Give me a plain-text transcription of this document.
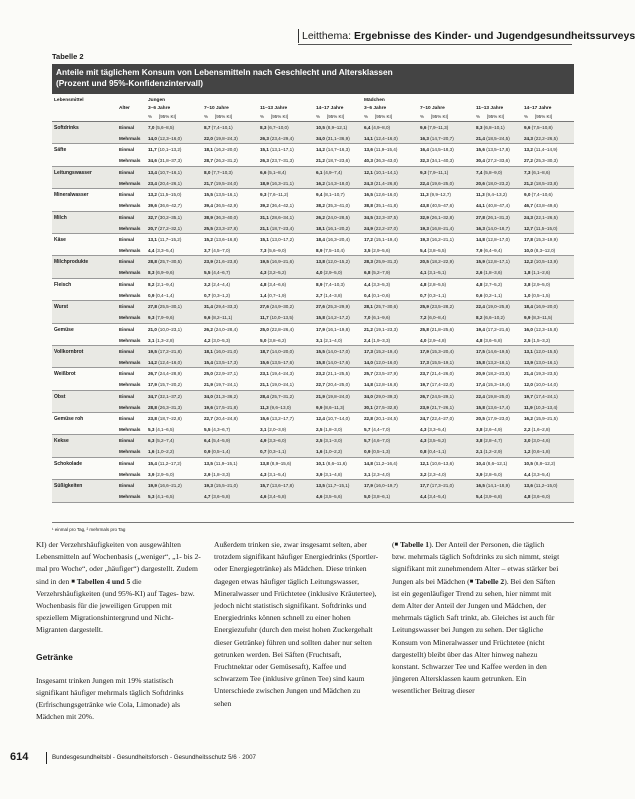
Leitthema: Ergebnisse des Kinder- und Jugendgesundheitssurveys
Tabelle 2
Anteile mit täglichem Konsum von Lebensmitteln nach Geschlecht und Altersklassen
(Prozent und 95%-Konfidenzintervall)
Lebensmittel
Alter
Jungen	Mädchen
3–6 Jahre
% [95% KI]
7–10 Jahre
% [95% KI]
11–13 Jahre
% [95% KI]
14–17 Jahre
% [95% KI]
3–6 Jahre
% [95% KI]
7–10 Jahre
% [95% KI]
11–13 Jahre
% [95% KI]
14–17 Jahre
% [95% KI]
Softdrinks	Einmal	7,0 (5,6–8,5)	8,7 (7,4–10,1)	8,3 (6,7–10,0)	10,5 (8,9–12,1)	6,4 (4,9–8,0)	9,6 (7,9–11,3)	8,3 (6,8–10,1)	9,6 (7,5–10,8)
Mehrmals 14,0 (12,3–16,0)	22,0 (19,8–24,3)	26,3 (23,4–29,4)	34,0 (31,1–36,9)	14,1 (12,4–16,0)	16,3 (14,7–20,7)	21,4 (18,5–24,5)	24,3 (22,2–26,5)
Säfte	Einmal	11,7 (10,1–13,2)	18,1 (16,2–20,0)	15,1 (13,1–17,1)	14,2 (14,7–16,3)	13,6 (11,9–15,4)	16,4 (14,5–18,3)	15,6 (13,5–17,8)	13,2 (11,4–14,9)
Mehrmals 34,6 (31,8–37,3)	28,7 (26,2–31,2)	26,3 (23,7–31,3)	21,2 (18,7–23,6)	40,3 (36,3–43,0)	32,3 (34,1–40,3)	30,4 (27,2–33,6)	27,2 (25,3–30,3)
Leitungswasser	Einmal	13,4 (10,7–16,1)	8,0 (7,7–10,3)	6,6 (5,1–8,4)	6,1 (4,9–7,4)	12,1 (10,1–14,1)	9,3 (7,9–11,1)	7,4 (5,8–9,0)	7,3 (6,1–8,6)
Mehrmals 23,4 (20,4–26,1)	21,7 (19,5–24,0)	18,9 (16,3–21,1)	16,2 (14,3–18,0)	24,3 (21,4–26,8)	22,4 (19,6–25,0)	20,6 (18,0–23,2)	21,2 (18,5–23,8)
Mineralwasser	Einmal	13,2 (11,5–15,0)	15,5 (13,5–16,1)	9,3 (7,6–11,2)	9,4 (8,1–10,7)	16,5 (12,6–16,0)	11,3 (9,9–12,7)	11,3 (9,4–13,2)	9,0 (7,4–10,6)
Mehrmals 39,6 (36,6–42,7)	39,4 (36,5–42,9)	39,2 (36,4–42,1)	38,2 (35,3–41,0)	38,8 (35,1–41,8)	43,8 (40,5–47,6)	44,1 (40,8–47,4)	46,7 (43,8–49,6)
Milch	Einmal	32,7 (30,2–35,1)	38,9 (36,3–40,0)	31,1 (28,6–34,1)	26,2 (24,0–28,5)	34,5 (32,3–37,5)	32,9 (26,1–32,8)	27,8 (26,1–31,3)	24,3 (22,1–26,5)
Mehrmals 20,7 (27,2–32,1)	25,5 (23,3–27,8)	21,1 (18,7–23,4)	18,1 (16,1–20,2)	24,9 (22,2–27,0)	19,3 (16,8–21,4)	16,3 (14,0–18,7)	12,7 (11,5–15,0)
Käse	Einmal	13,1 (11,7–15,2)	15,2 (13,6–16,8)	15,1 (13,0–17,2)	18,4 (16,3–20,4)	17,2 (15,1–19,4)	19,3 (16,2–21,1)	14,8 (12,8–17,0)	17,8 (15,3–19,9)
Mehrmals 4,4 (3,3–5,4)	3,7 (4,5–7,0)	7,3 (5,6–9,0)	8,9 (7,5–10,4)	3,5 (2,9–5,6)	5,4 (3,8–5,5)	7,9 (6,4–9,4)	10,0 (8,3–12,0)
Milchprodukte	Einmal	28,8 (25,7–30,5)	23,9 (21,6–23,8)	19,5 (16,9–21,6)	13,8 (12,0–15,2)	28,3 (25,9–31,3)	20,5 (18,2–22,9)	15,9 (12,8–17,1)	12,2 (10,5–13,9)
Mehrmals 8,3 (6,9–9,6)	5,5 (4,4–6,7)	4,3 (3,2–5,2)	4,0 (2,9–5,0)	6,8 (5,2–7,9)	4,1 (3,1–5,1)	2,6 (1,8–3,6)	1,8 (1,1–2,6)
Fleisch	Einmal	8,2 (2,1–9,4)	3,2 (2,4–4,4)	4,8 (3,4–6,6)	8,9 (7,4–10,3)	4,4 (3,3–5,3)	4,8 (2,8–5,5)	4,8 (2,7–5,2)	3,8 (2,9–5,0)
Mehrmals 0,9 (0,4–1,4)	0,7 (0,3–1,2)	1,4 (0,7–1,9)	2,7 (1,4–3,8)	0,4 (0,1–0,6)	0,7 (0,3–1,1)	0,6 (0,2–1,1)	1,0 (0,5–1,5)
Wurst	Einmal	27,8 (25,5–30,1)	31,4 (29,4–33,3)	27,6 (24,9–30,2)	27,6 (25,3–29,9)	28,1 (25,7–30,6)	25,9 (23,5–28,2)	22,4 (19,0–25,8)	18,4 (16,9–20,0)
Mehrmals 9,3 (7,9–9,6)	9,6 (8,2–11,1)	11,7 (10,0–13,5)	15,8 (14,2–17,2)	7,0 (6,1–9,6)	7,2 (6,0–8,4)	8,2 (6,6–10,2)	9,9 (8,3–11,5)
Gemüse	Einmal	21,0 (10,0–23,1)	26,2 (24,0–28,4)	25,0 (22,8–26,4)	17,9 (16,1–19,8)	21,2 (19,1–23,3)	25,8 (21,8–25,6)	19,4 (17,2–21,6)	16,0 (12,3–15,8)
Mehrmals 3,1 (1,3–2,8)	4,2 (3,0–5,3)	5,0 (3,8–6,2)	3,1 (2,1–4,0)	2,4 (1,9–3,3)	4,0 (2,9–4,8)	4,8 (3,6–5,8)	2,5 (1,5–3,2)
Vollkornbrot	Einmal	19,5 (17,2–21,8)	18,1 (16,0–21,0)	18,7 (14,0–20,0)	15,5 (14,0–17,0)	17,3 (15,2–19,4)	17,9 (15,3–20,4)	17,5 (14,6–19,5)	13,1 (12,0–15,5)
Mehrmals 14,2 (12,4–16,0)	15,4 (13,5–17,3)	15,6 (13,5–17,6)	15,8 (14,0–17,6)	14,0 (12,0–16,0)	17,3 (15,5–19,1)	15,8 (13,2–18,1)	13,9 (13,0–16,1)
Weißbrot	Einmal	26,7 (24,4–28,9)	25,0 (22,9–27,1)	23,1 (19,4–24,3)	23,2 (21,1–25,5)	25,7 (23,5–27,9)	23,7 (21,4–26,0)	20,9 (18,2–23,5)	21,4 (19,3–23,5)
Mehrmals 17,9 (15,7–20,2)	21,9 (19,7–24,1)	21,1 (19,0–24,1)	22,7 (20,4–25,0)	14,8 (12,8–16,8)	19,7 (17,4–22,0)	17,4 (15,3–19,4)	12,0 (10,0–14,0)
Obst	Einmal	34,7 (32,1–37,2)	34,0 (31,3–36,2)	28,4 (25,7–31,2)	21,9 (19,8–24,0)	34,0 (29,0–39,3)	26,7 (24,5–29,1)	22,4 (19,8–25,0)	19,7 (17,4–24,1)
Mehrmals 28,8 (26,3–31,3)	19,6 (17,5–21,8)	11,3 (9,6–13,0)	9,9 (8,6–11,3)	30,1 (27,5–32,8)	23,9 (21,7–26,1)	15,8 (13,6–17,4)	11,9 (10,3–13,4)
Gemüse roh	Einmal	23,8 (18,7–22,8)	22,7 (20,4–24,8)	15,6 (13,2–17,7)	12,4 (10,7–14,0)	22,8 (20,1–24,5)	24,7 (22,4–27,0)	20,5 (17,9–23,0)	16,2 (15,9–21,5)
Mehrmals 5,3 (4,1–6,5)	5,5 (4,3–6,7)	3,1 (2,0–3,9)	2,5 (1,8–3,0)	5,7 (4,4–7,0)	4,3 (3,3–5,4)	3,8 (2,6–4,9)	2,2 (1,6–2,8)
Kekse	Einmal	6,3 (5,2–7,4)	6,4 (5,4–5,9)	4,9 (3,3–6,0)	2,5 (3,1–3,0)	5,7 (4,6–7,0)	4,3 (3,5–5,2)	3,8 (2,8–4,7)	3,0 (3,0–4,6)
Mehrmals 1,6 (1,0–2,2)	0,9 (0,5–1,4)	0,7 (0,3–1,1)	1,6 (1,0–2,2)	0,9 (0,5–1,3)	0,8 (0,4–1,1)	2,1 (1,2–2,9)	1,2 (0,6–1,8)
Schokolade	Einmal	15,4 (11,2–17,2)	13,5 (11,9–15,1)	13,8 (8,9–15,6)	10,1 (8,6–11,6)	14,8 (11,2–16,4)	12,1 (10,6–13,6)	10,4 (8,6–12,1)	10,5 (8,8–12,2)
Mehrmals 3,9 (2,9–5,0)	2,9 (1,8–3,3)	4,3 (3,1–5,4)	3,9 (3,1–4,8)	3,1 (2,3–4,0)	3,2 (2,3–4,0)	3,9 (2,8–5,0)	4,4 (3,3–5,4)
Süßigkeiten	Einmal	19,9 (16,6–21,2)	19,3 (15,5–21,0)	15,7 (13,6–17,8)	13,5 (11,7–15,1)	17,9 (16,0–19,7)	17,7 (17,3–21,0)	16,5 (14,1–18,9)	13,6 (11,2–15,0)
Mehrmals 5,3 (4,1–6,5)	4,7 (3,6–5,8)	4,6 (3,4–5,8)	4,6 (3,5–5,6)	5,0 (3,8–6,1)	4,4 (3,4–5,4)	5,4 (3,9–6,8)	4,8 (3,6–6,0)
¹ einmal pro Tag, ² mehrmals pro Tag

KI) der Verzehrshäufigkeiten von ausgewählten Lebensmitteln auf Wochenbasis („weniger“, „1- bis 2-mal pro Woche“, oder „häufiger“) dargestellt. Zudem sind in den ■ Tabellen 4 und 5 die Verzehrshäufigkeiten (und 95%-KI) auf Tages- bzw. Wochenbasis für die jeweiligen Gruppen mit speziellem Migrationshintergrund und Nicht-Migranten dargestellt.

Getränke

Insgesamt trinken Jungen mit 19% statistisch signifikant häufiger mehrmals täglich Softdrinks (Erfrischungsgetränke wie Cola, Limonade) als Mädchen mit 20%.

Außerdem trinken sie, zwar insgesamt selten, aber trotzdem signifikant häufiger Energiedrinks (Sportler- oder Energiegetränke) als Mädchen. Diese trinken dagegen etwas häufiger täglich Leitungswasser, Mineralwasser und Früchtetee (inklusive Kräutertee), jedoch nicht statistisch signifikant. Softdrinks und Energiedrinks können schnell zu einer hohen Energiezufuhr (durch den meist hohen Zuckergehalt dieser Getränke) führen und sollten daher nur selten getrunken werden. Bei Säften (Fruchtsaft, Fruchtnektar oder Gemüsesaft), Kaffee und schwarzem Tee (inklusive grünen Tee) sind kaum Unterschiede zwischen Jungen und Mädchen zu sehen

(■ Tabelle 1). Der Anteil der Personen, die täglich bzw. mehrmals täglich Softdrinks zu sich nimmt, steigt signifikant mit zunehmendem Alter – etwas stärker bei Jungen als bei Mädchen (■ Tabelle 2). Bei den Säften ist ein gegenläufiger Trend zu sehen, hier nimmt mit dem Alter der Anteil der Jungen und Mädchen, der mehrmals täglich Saft trinkt, ab. Gleiches ist auch für Leitungswasser bei Jungen zu sehen. Der tägliche Konsum von Mineralwasser und Früchtetee (nicht dargestellt) bleibt über das Alter hinweg nahezu konstant. Schwarzer Tee und Kaffee werden in den jüngeren Altersklassen kaum getrunken. Ein wesentlicher Beitrag dieser

614	Bundesgesundheitsbl - Gesundheitsforsch - Gesundheitsschutz 5/6 · 2007
